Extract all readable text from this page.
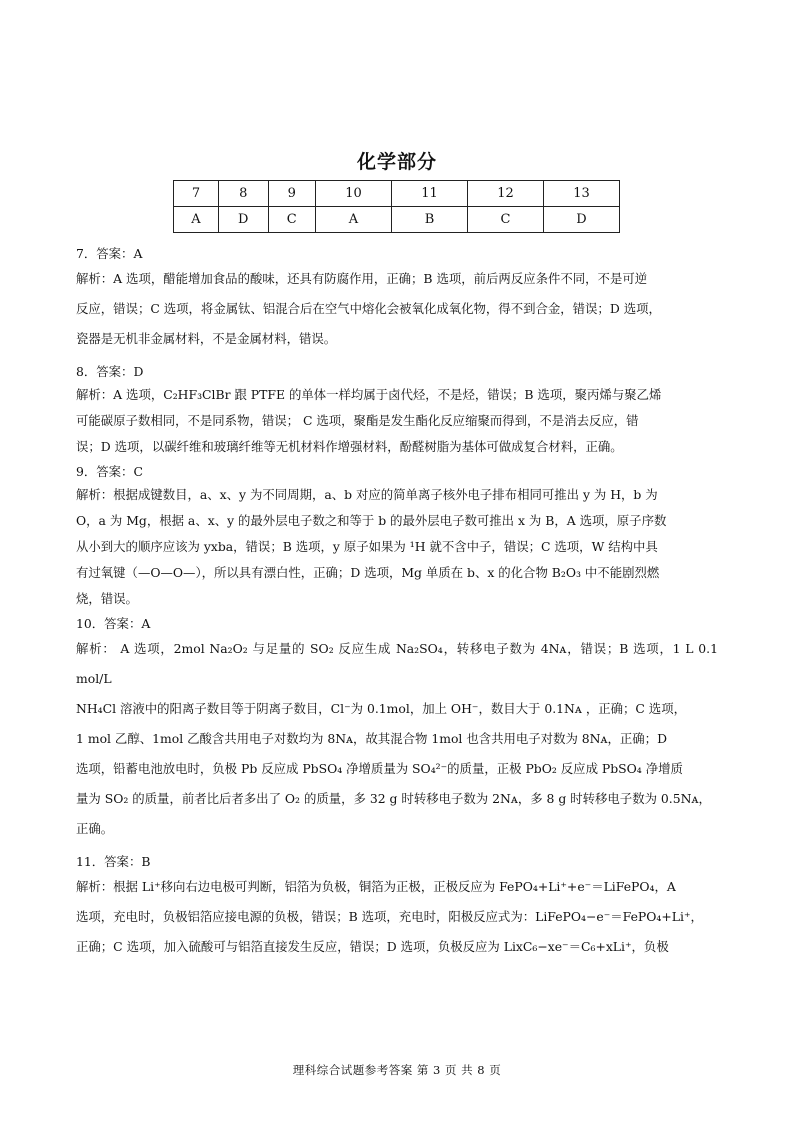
化学部分
7	8	9	10	11	12	13
A	D	C	A	B	C	D

7．答案：A

解析：A 选项，醋能增加食品的酸味，还具有防腐作用，正确；B 选项，前后两反应条件不同，不是可逆
反应，错误；C 选项，将金属钛、铝混合后在空气中熔化会被氧化成氧化物，得不到合金，错误；D 选项，
瓷器是无机非金属材料，不是金属材料，错误。

8．答案：D

解析：A 选项，C₂HF₃ClBr 跟 PTFE 的单体一样均属于卤代烃，不是烃，错误；B 选项，聚丙烯与聚乙烯
可能碳原子数相同，不是同系物，错误； C 选项，聚酯是发生酯化反应缩聚而得到，不是消去反应，错
误；D 选项，以碳纤维和玻璃纤维等无机材料作增强材料，酚醛树脂为基体可做成复合材料，正确。

9．答案：C

解析：根据成键数目，a、x、y 为不同周期，a、b 对应的简单离子核外电子排布相同可推出 y 为 H，b 为
O，a 为 Mg，根据 a、x、y 的最外层电子数之和等于 b 的最外层电子数可推出 x 为 B，A 选项，原子序数
从小到大的顺序应该为 yxba，错误；B 选项，y 原子如果为 ¹H 就不含中子，错误；C 选项，W 结构中具
有过氧键（—O—O—），所以具有漂白性，正确；D 选项，Mg 单质在 b、x 的化合物 B₂O₃ 中不能剧烈燃
烧，错误。

10．答案：A

解析： A 选项，2mol Na₂O₂ 与足量的 SO₂ 反应生成 Na₂SO₄，转移电子数为 4Nᴀ，错误；B 选项，1 L 0.1 mol/L
NH₄Cl 溶液中的阳离子数目等于阴离子数目，Cl⁻为 0.1mol，加上 OH⁻，数目大于 0.1Nᴀ ，正确；C 选项，
1 mol 乙醇、1mol 乙酸含共用电子对数均为 8Nᴀ，故其混合物 1mol 也含共用电子对数为 8Nᴀ，正确；D
选项，铅蓄电池放电时，负极 Pb 反应成 PbSO₄ 净增质量为 SO₄²⁻的质量，正极 PbO₂ 反应成 PbSO₄ 净增质
量为 SO₂ 的质量，前者比后者多出了 O₂ 的质量，多 32 g 时转移电子数为 2Nᴀ，多 8 g 时转移电子数为 0.5Nᴀ，
正确。

11．答案：B

解析：根据 Li⁺移向右边电极可判断，铝箔为负极，铜箔为正极，正极反应为 FePO₄+Li⁺+e⁻＝LiFePO₄，A
选项，充电时，负极铝箔应接电源的负极，错误；B 选项，充电时，阳极反应式为：LiFePO₄−e⁻＝FePO₄+Li⁺，
正确；C 选项，加入硫酸可与铝箔直接发生反应，错误；D 选项，负极反应为 LixC₆−xe⁻＝C₆+xLi⁺，负极
理科综合试题参考答案 第 3 页 共 8 页
